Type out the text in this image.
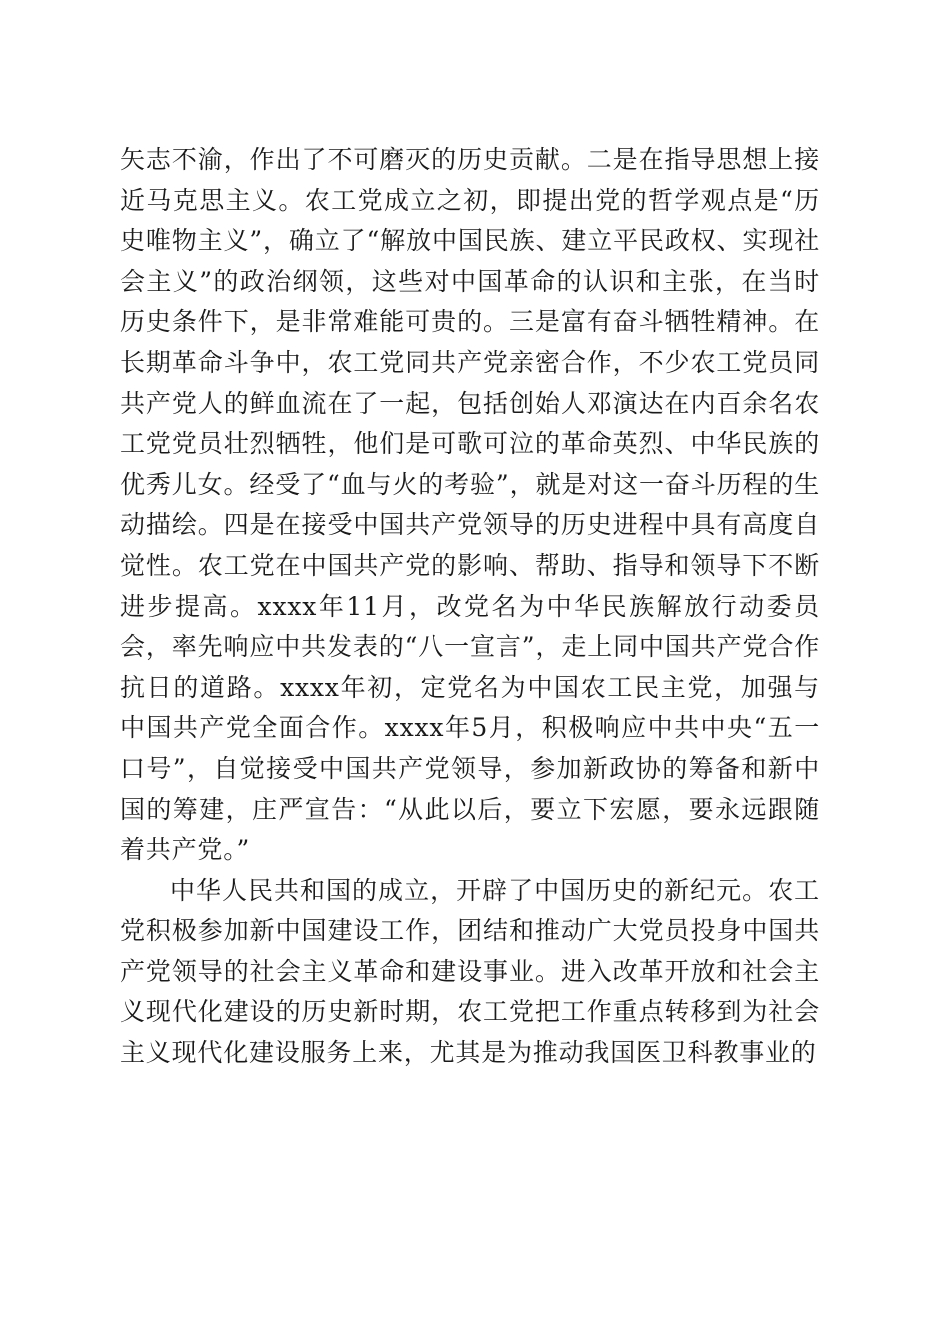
矢志不渝，作出了不可磨灭的历史贡献。二是在指导思想上接近马克思主义。农工党成立之初，即提出党的哲学观点是“历史唯物主义”，确立了“解放中国民族、建立平民政权、实现社会主义”的政治纲领，这些对中国革命的认识和主张，在当时历史条件下，是非常难能可贵的。三是富有奋斗牺牲精神。在长期革命斗争中，农工党同共产党亲密合作，不少农工党员同共产党人的鲜血流在了一起，包括创始人邓演达在内百余名农工党党员壮烈牺牲，他们是可歌可泣的革命英烈、中华民族的优秀儿女。经受了“血与火的考验”，就是对这一奋斗历程的生动描绘。四是在接受中国共产党领导的历史进程中具有高度自觉性。农工党在中国共产党的影响、帮助、指导和领导下不断进步提高。xxxx年11月，改党名为中华民族解放行动委员会，率先响应中共发表的“八一宣言”，走上同中国共产党合作抗日的道路。xxxx年初，定党名为中国农工民主党，加强与中国共产党全面合作。xxxx年5月，积极响应中共中央“五一口号”，自觉接受中国共产党领导，参加新政协的筹备和新中国的筹建，庄严宣告：“从此以后，要立下宏愿，要永远跟随着共产党。”

中华人民共和国的成立，开辟了中国历史的新纪元。农工党积极参加新中国建设工作，团结和推动广大党员投身中国共产党领导的社会主义革命和建设事业。进入改革开放和社会主义现代化建设的历史新时期，农工党把工作重点转移到为社会主义现代化建设服务上来，尤其是为推动我国医卫科教事业的
